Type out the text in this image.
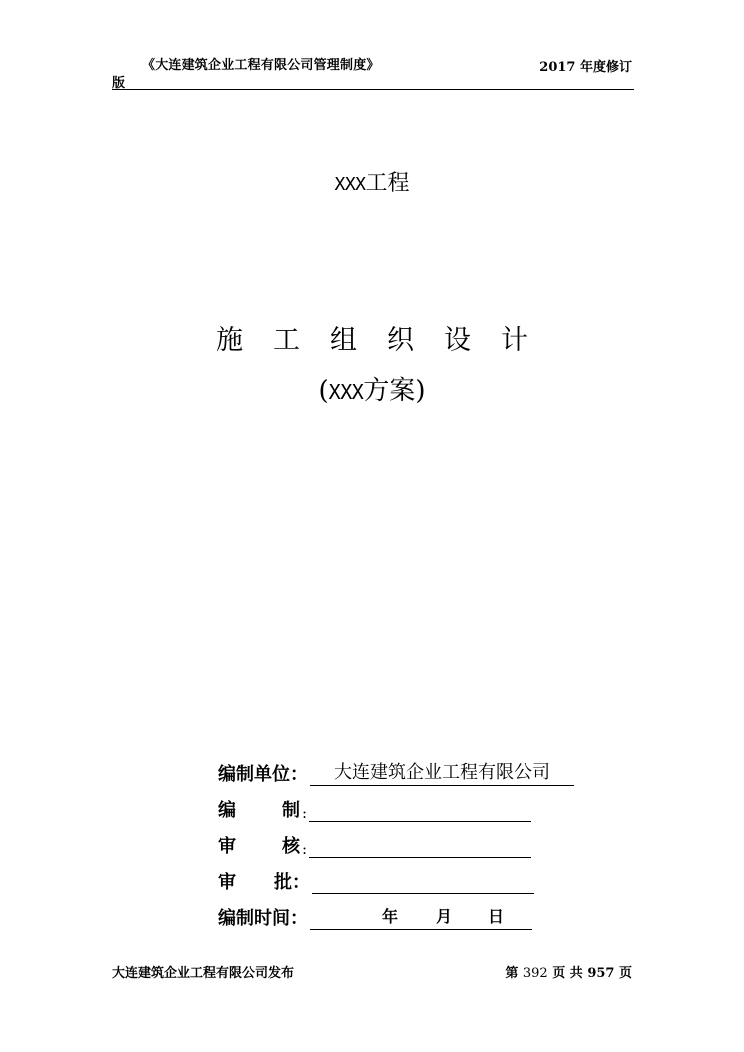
《大连建筑企业工程有限公司管理制度》	2017 年度修订
版
XXX工程
施工组织设计
(XXX方案)
编制单位：	大连建筑企业工程有限公司
编	制 :
审	核 :
审 批：
编制时间：	年 月 日
大连建筑企业工程有限公司发布	第 392 页 共 957 页
